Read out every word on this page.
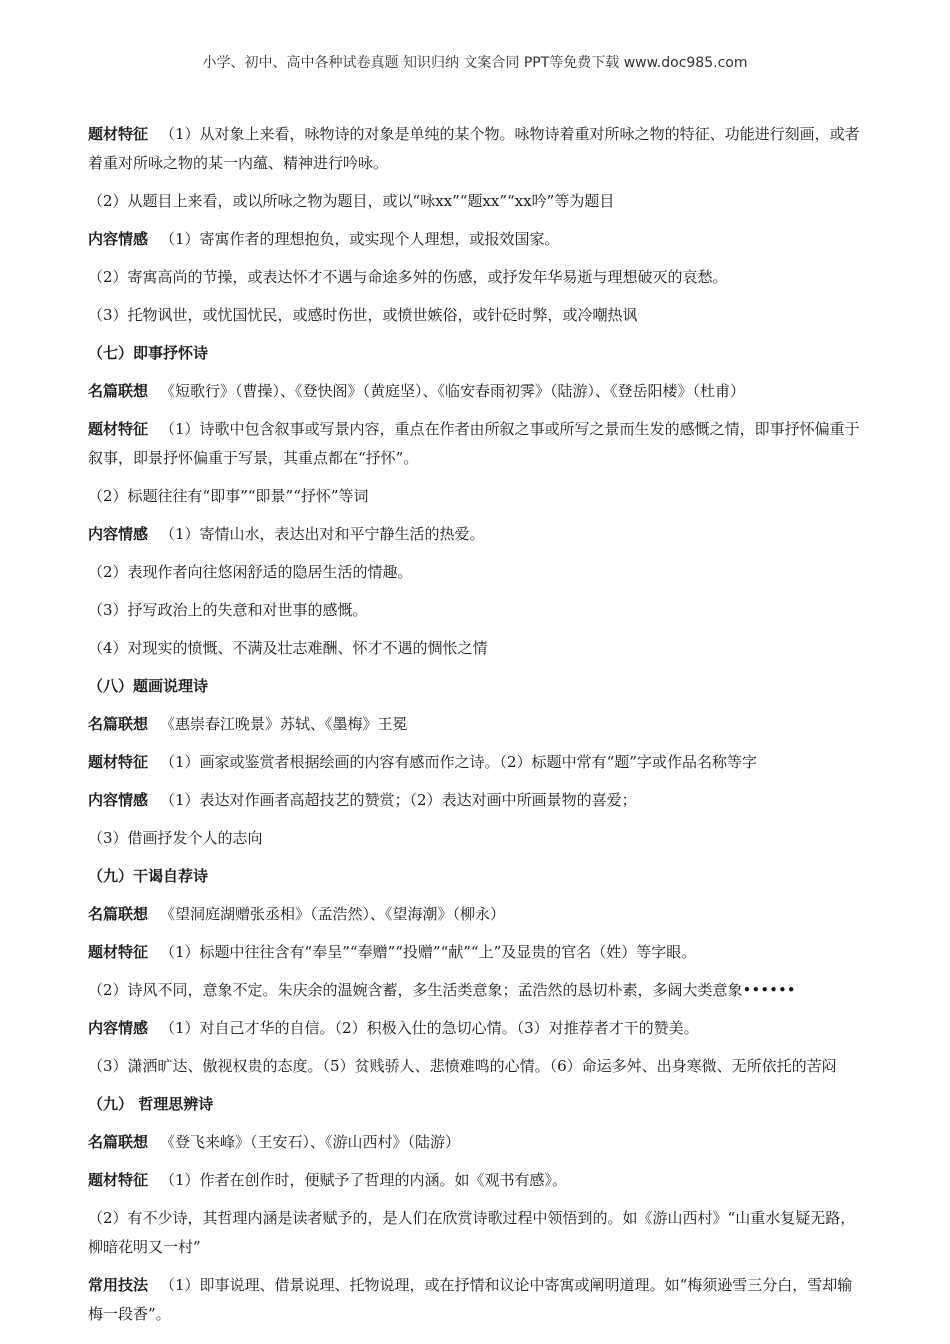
小学、初中、高中各种试卷真题 知识归纳 文案合同 PPT等免费下载 www.doc985.com
题材特征 （1）从对象上来看，咏物诗的对象是单纯的某个物。咏物诗着重对所咏之物的特征、功能进行刻画，或者着重对所咏之物的某一内蕴、精神进行吟咏。
（2）从题目上来看，或以所咏之物为题目，或以“咏xx”“题xx”“xx吟”等为题目
内容情感 （1）寄寓作者的理想抱负，或实现个人理想，或报效国家。
（2）寄寓高尚的节操，或表达怀才不遇与命途多舛的伤感，或抒发年华易逝与理想破灭的哀愁。
（3）托物讽世，或忧国忧民，或感时伤世，或愤世嫉俗，或针砭时弊，或冷嘲热讽
（七）即事抒怀诗
名篇联想 《短歌行》（曹操）、《登快阁》（黄庭坚）、《临安春雨初霁》（陆游）、《登岳阳楼》（杜甫）
题材特征 （1）诗歌中包含叙事或写景内容，重点在作者由所叙之事或所写之景而生发的感慨之情，即事抒怀偏重于叙事，即景抒怀偏重于写景，其重点都在“抒怀”。
（2）标题往往有“即事”“即景”“抒怀”等词
内容情感 （1）寄情山水，表达出对和平宁静生活的热爱。
（2）表现作者向往悠闲舒适的隐居生活的情趣。
（3）抒写政治上的失意和对世事的感慨。
（4）对现实的愤慨、不满及壮志难酬、怀才不遇的惆怅之情
（八）题画说理诗
名篇联想 《惠崇春江晚景》苏轼、《墨梅》王冕
题材特征 （1）画家或鉴赏者根据绘画的内容有感而作之诗。（2）标题中常有“题”字或作品名称等字
内容情感 （1）表达对作画者高超技艺的赞赏；（2）表达对画中所画景物的喜爱；
（3）借画抒发个人的志向
（九）干谒自荐诗
名篇联想 《望洞庭湖赠张丞相》（孟浩然）、《望海潮》（柳永）
题材特征 （1）标题中往往含有“奉呈”“奉赠”“投赠”“献”“上”及显贵的官名（姓）等字眼。
（2）诗风不同，意象不定。朱庆余的温婉含蓄，多生活类意象；孟浩然的恳切朴素，多阔大类意象••••••
内容情感 （1）对自己才华的自信。（2）积极入仕的急切心情。（3）对推荐者才干的赞美。
（3）潇洒旷达、傲视权贵的态度。（5）贫贱骄人、悲愤难鸣的心情。（6）命运多舛、出身寒微、无所依托的苦闷
（九） 哲理思辨诗
名篇联想 《登飞来峰》（王安石）、《游山西村》（陆游）
题材特征 （1）作者在创作时，便赋予了哲理的内涵。如《观书有感》。
（2）有不少诗，其哲理内涵是读者赋予的，是人们在欣赏诗歌过程中领悟到的。如《游山西村》“山重水复疑无路，柳暗花明又一村”
常用技法 （1）即事说理、借景说理、托物说理，或在抒情和议论中寄寓或阐明道理。如“梅须逊雪三分白，雪却输梅一段香”。
